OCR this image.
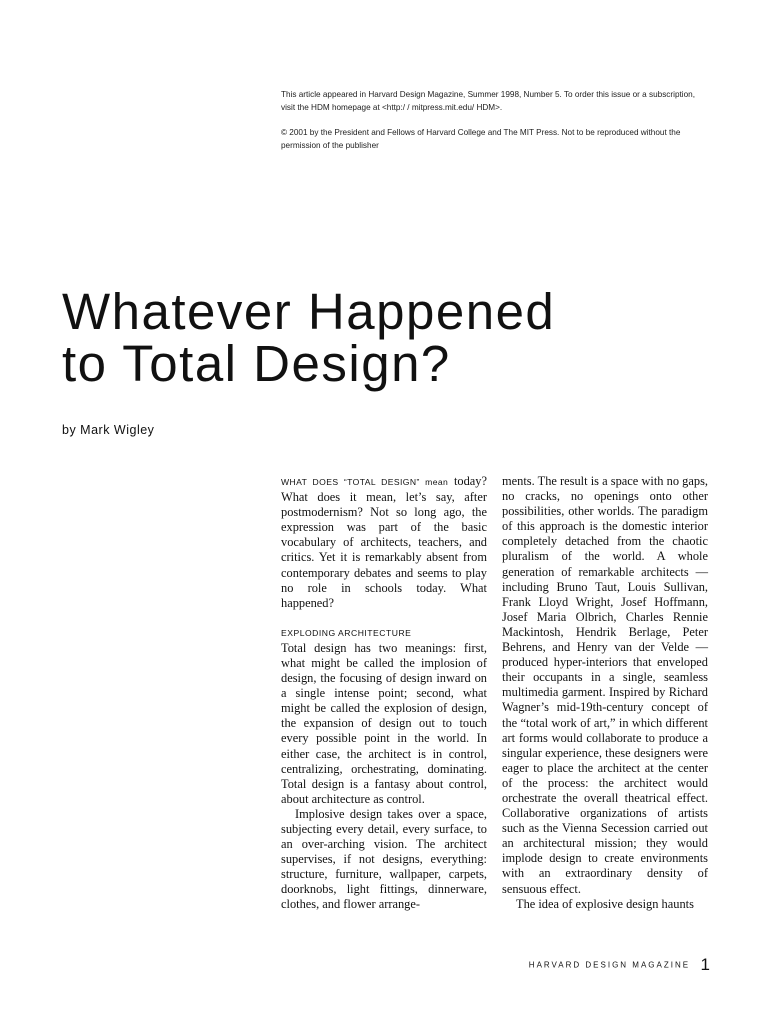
This article appeared in Harvard Design Magazine, Summer 1998, Number 5. To order this issue or a subscription, visit the HDM homepage at <http:/ / mitpress.mit.edu/ HDM>.

© 2001 by the President and Fellows of Harvard College and The MIT Press. Not to be reproduced without the permission of the publisher

Whatever Happened
to Total Design?
by Mark Wigley

WHAT DOES “TOTAL DESIGN” mean today? What does it mean, let’s say, after postmodernism? Not so long ago, the expression was part of the basic vocabulary of architects, teachers, and critics. Yet it is remarkably absent from contemporary debates and seems to play no role in schools today. What happened?

EXPLODING ARCHITECTURE

Total design has two meanings: first, what might be called the implosion of design, the focusing of design inward on a single intense point; second, what might be called the explosion of design, the expansion of design out to touch every possible point in the world. In either case, the architect is in control, centralizing, orchestrating, dominating. Total design is a fantasy about control, about architecture as control.

Implosive design takes over a space, subjecting every detail, every surface, to an over-arching vision. The architect supervises, if not designs, everything: structure, furniture, wallpaper, carpets, doorknobs, light fittings, dinnerware, clothes, and flower arrange-

ments. The result is a space with no gaps, no cracks, no openings onto other possibilities, other worlds. The paradigm of this approach is the domestic interior completely detached from the chaotic pluralism of the world. A whole generation of remarkable architects — including Bruno Taut, Louis Sullivan, Frank Lloyd Wright, Josef Hoffmann, Josef Maria Olbrich, Charles Rennie Mackintosh, Hendrik Berlage, Peter Behrens, and Henry van der Velde — produced hyper-interiors that enveloped their occupants in a single, seamless multimedia garment. Inspired by Richard Wagner’s mid-19th-century concept of the “total work of art,” in which different art forms would collaborate to produce a singular experience, these designers were eager to place the architect at the center of the process: the architect would orchestrate the overall theatrical effect. Collaborative organizations of artists such as the Vienna Secession carried out an architectural mission; they would implode design to create environments with an extraordinary density of sensuous effect.

The idea of explosive design haunts

HARVARD DESIGN MAGAZINE 1
